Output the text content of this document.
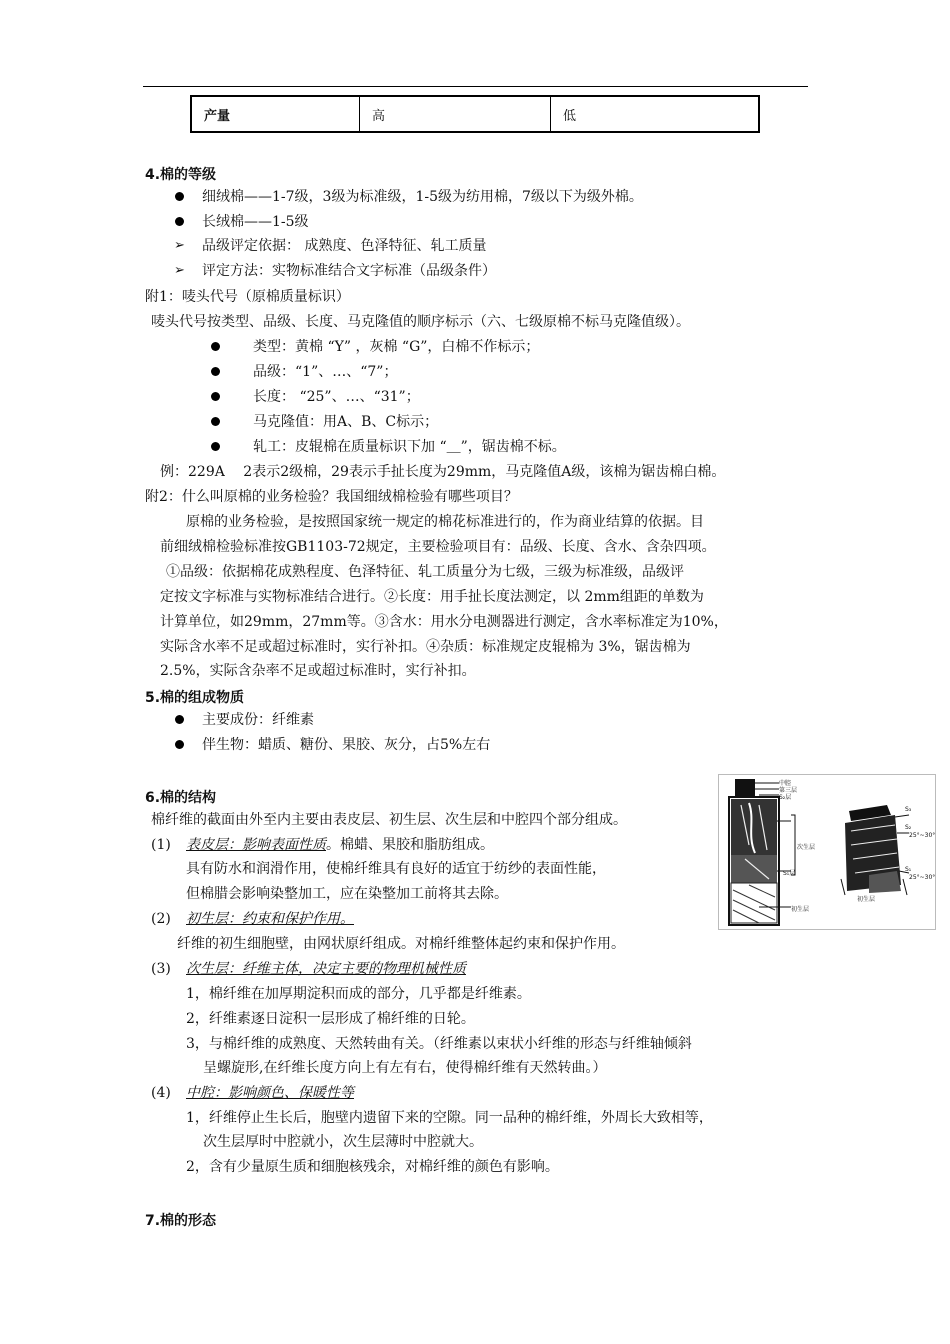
产量	高	低
4.棉的等级
细绒棉——1-7级，3级为标准级，1-5级为纺用棉，7级以下为级外棉。
长绒棉——1-5级
➢ 品级评定依据： 成熟度、色泽特征、轧工质量
➢ 评定方法：实物标准结合文字标准（品级条件）
附1：唛头代号（原棉质量标识）
唛头代号按类型、品级、长度、马克隆值的顺序标示（六、七级原棉不标马克隆值级）。
类型：黄棉 “Y” ，灰棉 “G”，白棉不作标示；
品级：“1”、…、“7”；
长度： “25”、…、“31”；
马克隆值：用A、B、C标示；
轧工：皮辊棉在质量标识下加 “＿”，锯齿棉不标。
例：229A　 2表示2级棉，29表示手扯长度为29mm，马克隆值A级，该棉为锯齿棉白棉。
附2：什么叫原棉的业务检验？我国细绒棉检验有哪些项目？
原棉的业务检验，是按照国家统一规定的棉花标准进行的，作为商业结算的依据。目
前细绒棉检验标准按GB1103-72规定，主要检验项目有：品级、长度、含水、含杂四项。
①品级：依据棉花成熟程度、色泽特征、轧工质量分为七级，三级为标准级，品级评
定按文字标准与实物标准结合进行。②长度：用手扯长度法测定，以 2mm组距的单数为
计算单位，如29mm，27mm等。③含水：用水分电测器进行测定，含水率标准定为10%，
实际含水率不足或超过标准时，实行补扣。④杂质：标准规定皮辊棉为 3%，锯齿棉为
2.5%，实际含杂率不足或超过标准时，实行补扣。
5.棉的组成物质
主要成份：纤维素
伴生物：蜡质、糖份、果胶、灰分，占5%左右
6.棉的结构
棉纤维的截面由外至内主要由表皮层、初生层、次生层和中腔四个部分组成。
(1) 表皮层：影响表面性质。棉蜡、果胶和脂肪组成。
具有防水和润滑作用，使棉纤维具有良好的适宜于纺纱的表面性能，
但棉腊会影响染整加工，应在染整加工前将其去除。
(2) 初生层：约束和保护作用。
纤维的初生细胞壁，由网状原纤组成。对棉纤维整体起约束和保护作用。
(3) 次生层：纤维主体，决定主要的物理机械性质
1，棉纤维在加厚期淀积而成的部分，几乎都是纤维素。
2，纤维素逐日淀积一层形成了棉纤维的日轮。
3，与棉纤维的成熟度、天然转曲有关。（纤维素以束状小纤维的形态与纤维轴倾斜
呈螺旋形,在纤维长度方向上有左有右，使得棉纤维有天然转曲。）
(4) 中腔：影响颜色、保暖性等
1，纤维停止生长后，胞壁内遗留下来的空隙。同一品种的棉纤维，外周长大致相等，
次生层厚时中腔就小，次生层薄时中腔就大。
2，含有少量原生质和细胞核残余，对棉纤维的颜色有影响。
7.棉的形态
中腔
第三层
S₂层
次生层
S₁层
初生层
S₃
S₂
25°~30°
S₁
25°~30°
初生层
